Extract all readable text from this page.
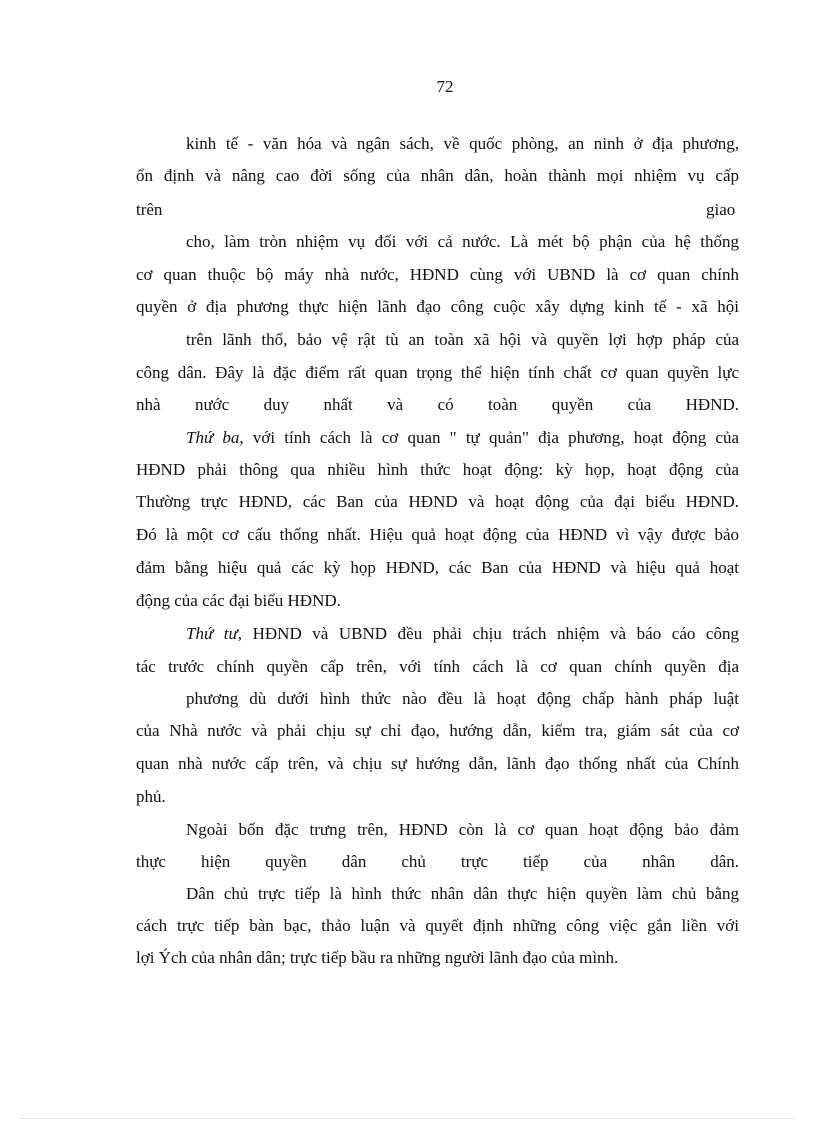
72
kinh tế - văn hóa và ngân sách, về quốc phòng, an ninh ở địa phương,
ổn định và nâng cao đời sống của nhân dân, hoàn thành mọi nhiệm vụ cấp
trên	giao
cho, làm tròn nhiệm vụ đối với cả nước. Là mét bộ phận của hệ thống
cơ quan thuộc bộ máy nhà nước, HĐND cùng với UBND là cơ quan chính
quyền ở địa phương thực hiện lãnh đạo công cuộc xây dựng kinh tế - xã hội
trên lãnh thổ, bảo vệ rật tù an toàn xã hội và quyền lợi hợp pháp của
công dân. Đây là đặc điểm rất quan trọng thể hiện tính chất cơ quan quyền lực
nhà nước duy nhất và có toàn quyền của HĐND.
Thứ ba, với tính cách là cơ quan " tự quản" địa phương, hoạt động của
HĐND phải thông qua nhiều hình thức hoạt động: kỳ họp, hoạt động của
Thường trực HĐND, các Ban của HĐND và hoạt động của đại biểu HĐND.
Đó là một cơ cấu thống nhất. Hiệu quả hoạt động của HĐND vì vậy được bảo
đảm bằng hiệu quả các kỳ họp HĐND, các Ban của HĐND và hiệu quả hoạt
động của các đại biểu HĐND.
Thứ tư, HĐND và UBND đều phải chịu trách nhiệm và báo cáo công
tác trước chính quyền cấp trên, với tính cách là cơ quan chính quyền địa
phương dù dưới hình thức nào đều là hoạt động chấp hành pháp luật
của Nhà nước và phải chịu sự chỉ đạo, hướng dẫn, kiểm tra, giám sát của cơ
quan nhà nước cấp trên, và chịu sự hướng dẫn, lãnh đạo thống nhất của Chính
phủ.
Ngoài bốn đặc trưng trên, HĐND còn là cơ quan hoạt động bảo đảm
thực hiện quyền dân chủ trực tiếp của nhân dân.
Dân chủ trực tiếp là hình thức nhân dân thực hiện quyền làm chủ bằng
cách trực tiếp bàn bạc, thảo luận và quyết định những công việc gắn liền với
lợi Ých của nhân dân; trực tiếp bầu ra những người lãnh đạo của mình.
